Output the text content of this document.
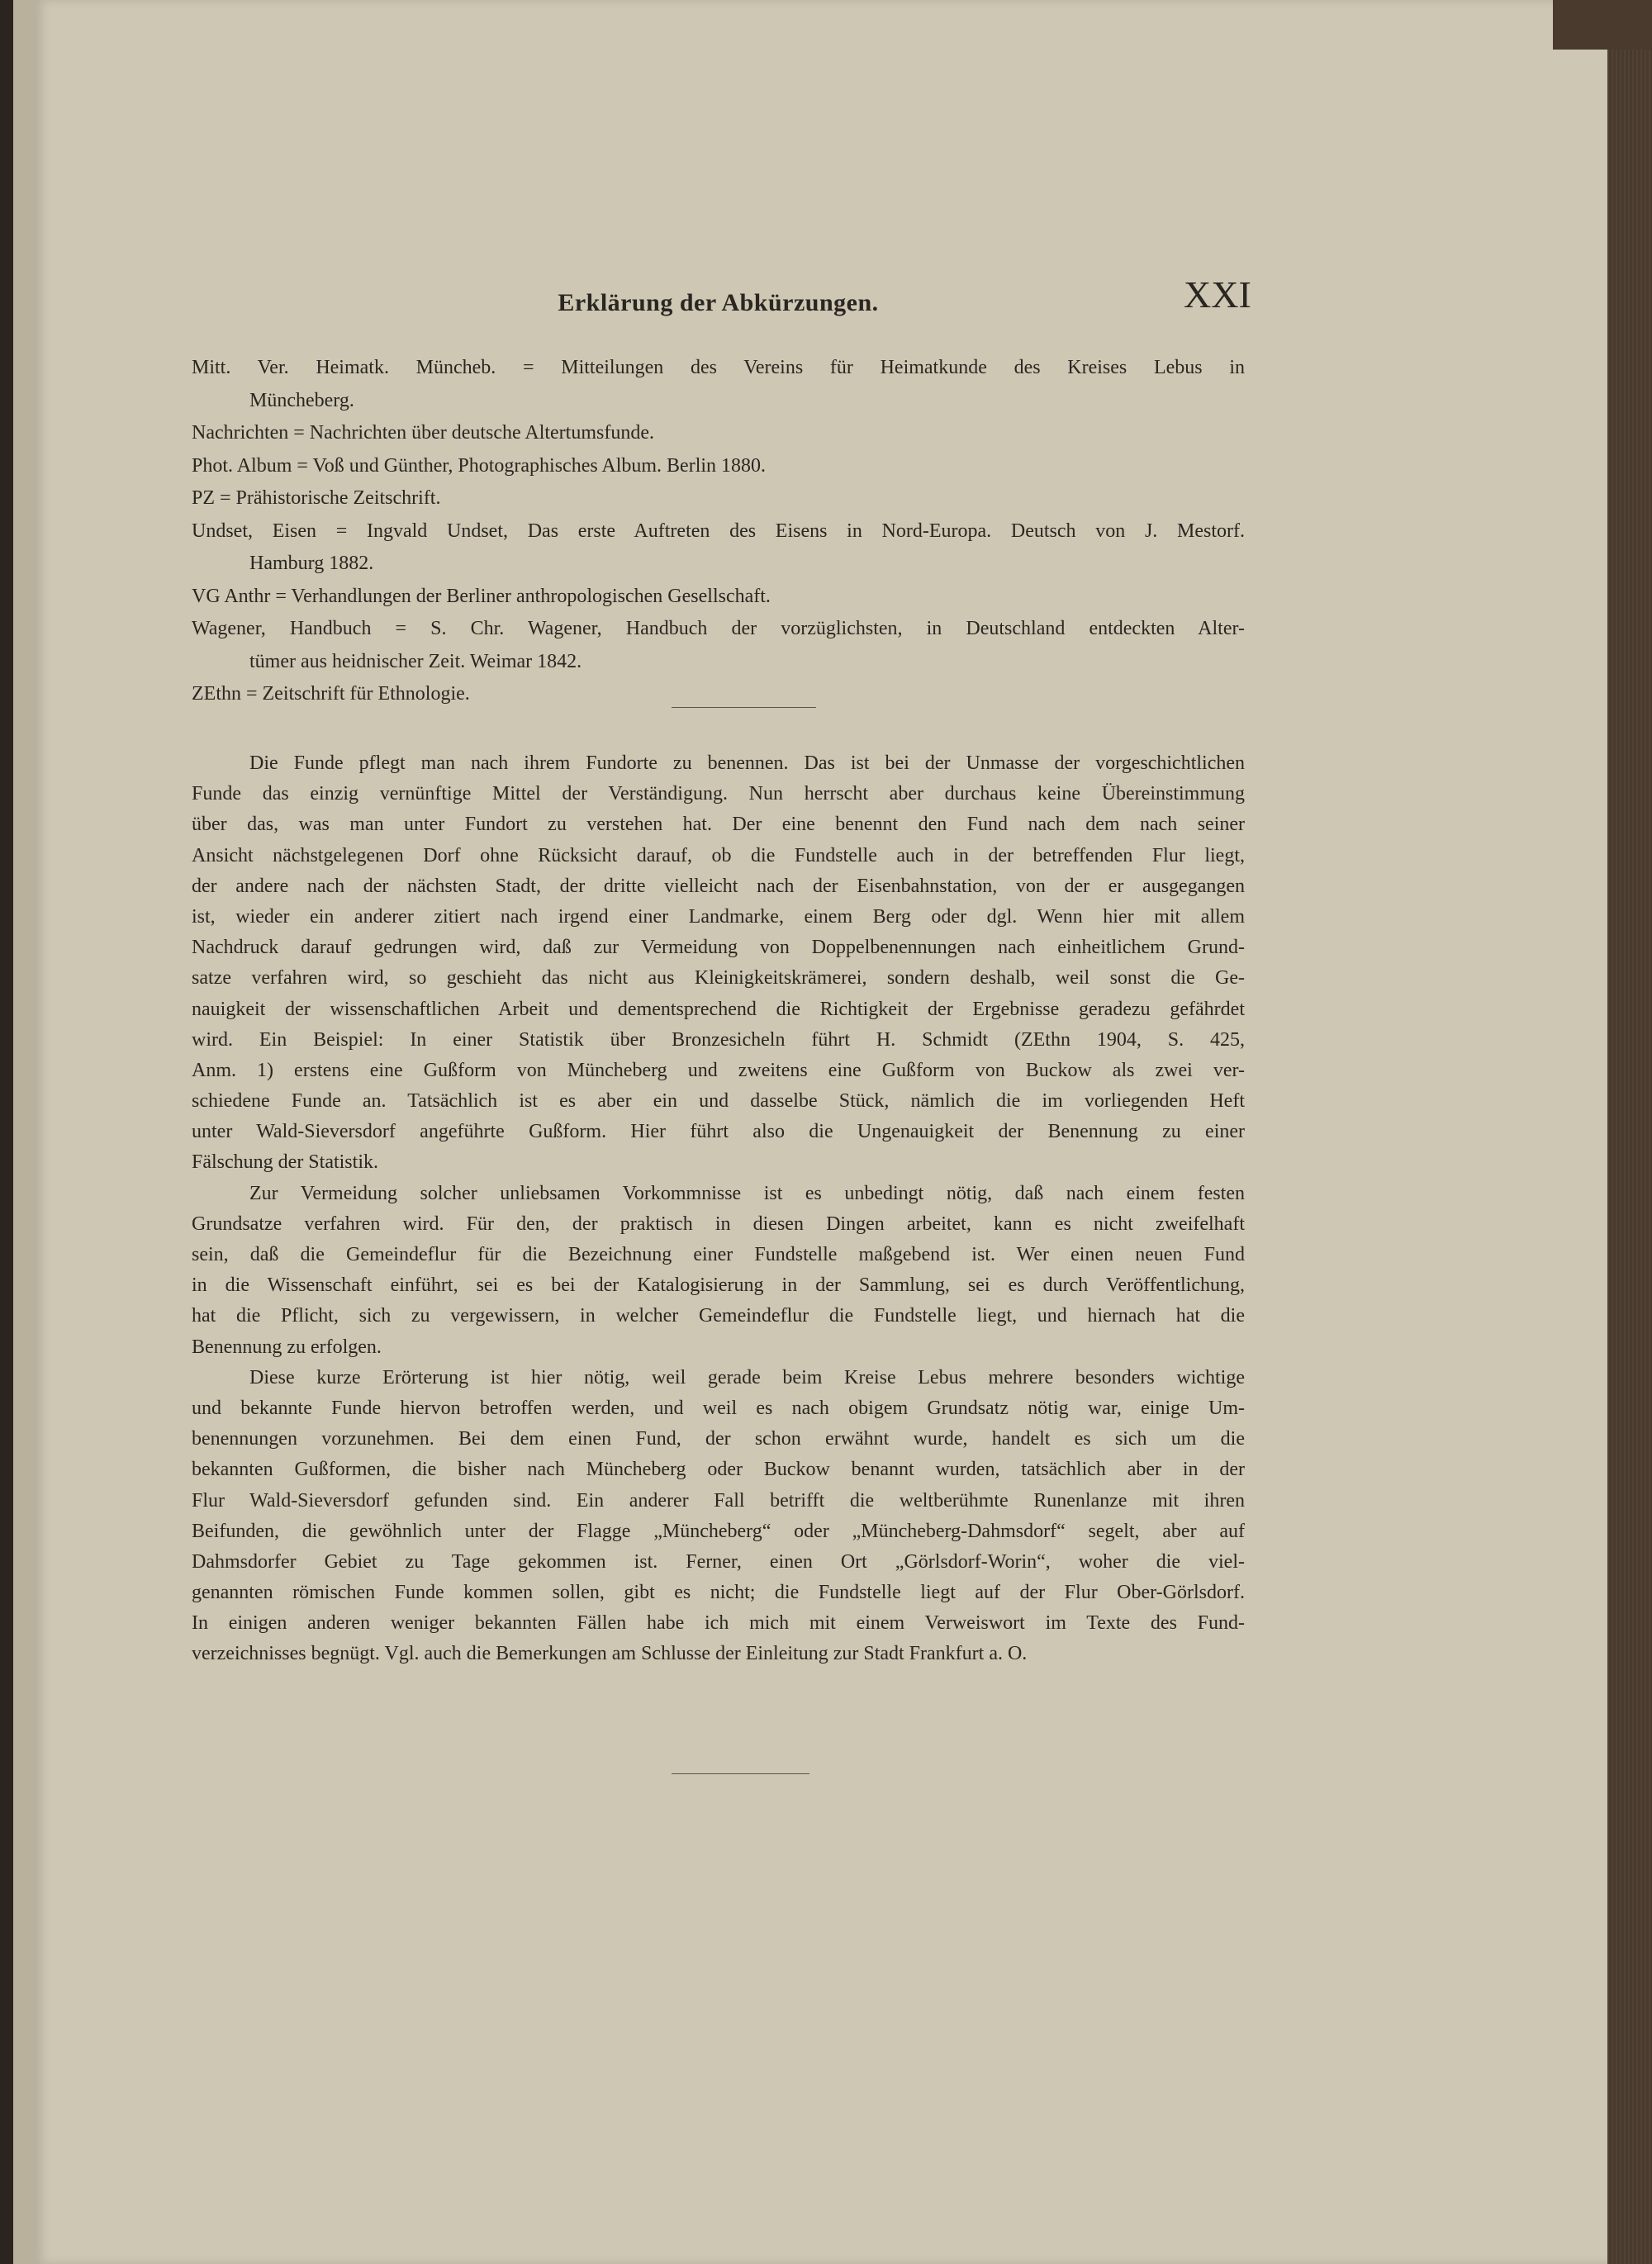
Erklärung der Abkürzungen.	XXI
Mitt. Ver. Heimatk. Müncheb. = Mitteilungen des Vereins für Heimatkunde des Kreises Lebus in
Müncheberg.
Nachrichten = Nachrichten über deutsche Altertumsfunde.
Phot. Album = Voß und Günther, Photographisches Album. Berlin 1880.
PZ = Prähistorische Zeitschrift.
Undset, Eisen = Ingvald Undset, Das erste Auftreten des Eisens in Nord-Europa. Deutsch von J. Mestorf.
Hamburg 1882.
VG Anthr = Verhandlungen der Berliner anthropologischen Gesellschaft.
Wagener, Handbuch = S. Chr. Wagener, Handbuch der vorzüglichsten, in Deutschland entdeckten Alter-
tümer aus heidnischer Zeit. Weimar 1842.
ZEthn = Zeitschrift für Ethnologie.
Die Funde pflegt man nach ihrem Fundorte zu benennen. Das ist bei der Unmasse der vorgeschichtlichen
Funde das einzig vernünftige Mittel der Verständigung. Nun herrscht aber durchaus keine Übereinstimmung
über das, was man unter Fundort zu verstehen hat. Der eine benennt den Fund nach dem nach seiner
Ansicht nächstgelegenen Dorf ohne Rücksicht darauf, ob die Fundstelle auch in der betreffenden Flur liegt,
der andere nach der nächsten Stadt, der dritte vielleicht nach der Eisenbahnstation, von der er ausgegangen
ist, wieder ein anderer zitiert nach irgend einer Landmarke, einem Berg oder dgl. Wenn hier mit allem
Nachdruck darauf gedrungen wird, daß zur Vermeidung von Doppelbenennungen nach einheitlichem Grund-
satze verfahren wird, so geschieht das nicht aus Kleinigkeitskrämerei, sondern deshalb, weil sonst die Ge-
nauigkeit der wissenschaftlichen Arbeit und dementsprechend die Richtigkeit der Ergebnisse geradezu gefährdet
wird. Ein Beispiel: In einer Statistik über Bronzesicheln führt H. Schmidt (ZEthn 1904, S. 425,
Anm. 1) erstens eine Gußform von Müncheberg und zweitens eine Gußform von Buckow als zwei ver-
schiedene Funde an. Tatsächlich ist es aber ein und dasselbe Stück, nämlich die im vorliegenden Heft
unter Wald-Sieversdorf angeführte Gußform. Hier führt also die Ungenauigkeit der Benennung zu einer
Fälschung der Statistik.
Zur Vermeidung solcher unliebsamen Vorkommnisse ist es unbedingt nötig, daß nach einem festen
Grundsatze verfahren wird. Für den, der praktisch in diesen Dingen arbeitet, kann es nicht zweifelhaft
sein, daß die Gemeindeflur für die Bezeichnung einer Fundstelle maßgebend ist. Wer einen neuen Fund
in die Wissenschaft einführt, sei es bei der Katalogisierung in der Sammlung, sei es durch Veröffentlichung,
hat die Pflicht, sich zu vergewissern, in welcher Gemeindeflur die Fundstelle liegt, und hiernach hat die
Benennung zu erfolgen.
Diese kurze Erörterung ist hier nötig, weil gerade beim Kreise Lebus mehrere besonders wichtige
und bekannte Funde hiervon betroffen werden, und weil es nach obigem Grundsatz nötig war, einige Um-
benennungen vorzunehmen. Bei dem einen Fund, der schon erwähnt wurde, handelt es sich um die
bekannten Gußformen, die bisher nach Müncheberg oder Buckow benannt wurden, tatsächlich aber in der
Flur Wald-Sieversdorf gefunden sind. Ein anderer Fall betrifft die weltberühmte Runenlanze mit ihren
Beifunden, die gewöhnlich unter der Flagge „Müncheberg“ oder „Müncheberg-Dahmsdorf“ segelt, aber auf
Dahmsdorfer Gebiet zu Tage gekommen ist. Ferner, einen Ort „Görlsdorf-Worin“, woher die viel-
genannten römischen Funde kommen sollen, gibt es nicht; die Fundstelle liegt auf der Flur Ober-Görlsdorf.
In einigen anderen weniger bekannten Fällen habe ich mich mit einem Verweiswort im Texte des Fund-
verzeichnisses begnügt. Vgl. auch die Bemerkungen am Schlusse der Einleitung zur Stadt Frankfurt a. O.
